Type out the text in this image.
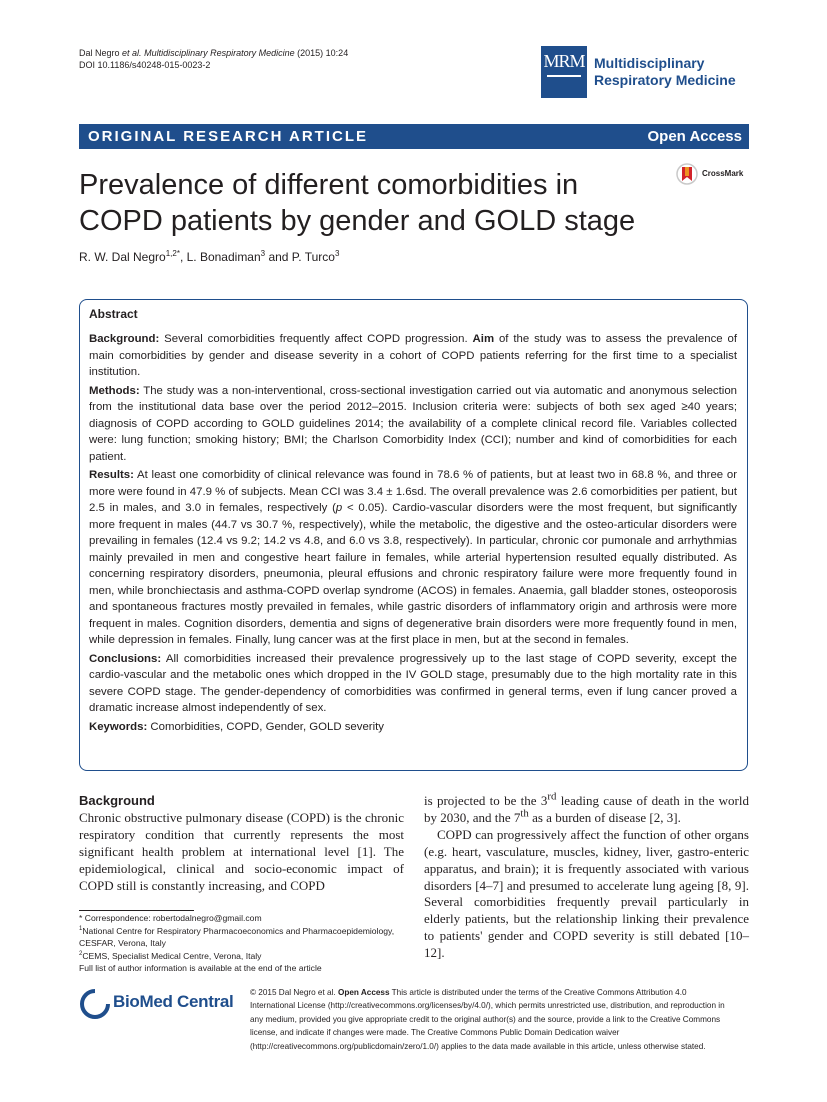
Dal Negro et al. Multidisciplinary Respiratory Medicine (2015) 10:24
DOI 10.1186/s40248-015-0023-2	MRM Multidisciplinary
Respiratory Medicine
ORIGINAL RESEARCH ARTICLE	Open Access
CrossMark
Prevalence of different comorbidities in
COPD patients by gender and GOLD stage
R. W. Dal Negro$^{1,2*}$, L. Bonadiman$^3$ and P. Turco$^3$
Abstract

Background: Several comorbidities frequently affect COPD progression. Aim of the study was to assess the prevalence of main comorbidities by gender and disease severity in a cohort of COPD patients referring for the first time to a specialist institution.

Methods: The study was a non-interventional, cross-sectional investigation carried out via automatic and anonymous selection from the institutional data base over the period 2012–2015. Inclusion criteria were: subjects of both sex aged ≥40 years; diagnosis of COPD according to GOLD guidelines 2014; the availability of a complete clinical record file. Variables collected were: lung function; smoking history; BMI; the Charlson Comorbidity Index (CCI); number and kind of comorbidities for each patient.

Results: At least one comorbidity of clinical relevance was found in 78.6 % of patients, but at least two in 68.8 %, and three or more were found in 47.9 % of subjects. Mean CCI was 3.4 ± 1.6sd. The overall prevalence was 2.6 comorbidities per patient, but 2.5 in males, and 3.0 in females, respectively (p < 0.05). Cardio-vascular disorders were the most frequent, but significantly more frequent in males (44.7 vs 30.7 %, respectively), while the metabolic, the digestive and the osteo-articular disorders were prevailing in females (12.4 vs 9.2; 14.2 vs 4.8, and 6.0 vs 3.8, respectively). In particular, chronic cor pumonale and arrhythmias mainly prevailed in men and congestive heart failure in females, while arterial hypertension resulted equally distributed. As concerning respiratory disorders, pneumonia, pleural effusions and chronic respiratory failure were more frequently found in men, while bronchiectasis and asthma-COPD overlap syndrome (ACOS) in females. Anaemia, gall bladder stones, osteoporosis and spontaneous fractures mostly prevailed in females, while gastric disorders of inflammatory origin and arthrosis were more frequent in males. Cognition disorders, dementia and signs of degenerative brain disorders were more frequently found in men, while depression in females. Finally, lung cancer was at the first place in men, but at the second in females.

Conclusions: All comorbidities increased their prevalence progressively up to the last stage of COPD severity, except the cardio-vascular and the metabolic ones which dropped in the IV GOLD stage, presumably due to the high mortality rate in this severe COPD stage. The gender-dependency of comorbidities was confirmed in general terms, even if lung cancer proved a dramatic increase almost independently of sex.

Keywords: Comorbidities, COPD, Gender, GOLD severity

Background

Chronic obstructive pulmonary disease (COPD) is the chronic respiratory condition that currently represents the most significant health problem at international level [1]. The epidemiological, clinical and socio-economic impact of COPD still is constantly increasing, and COPD

is projected to be the 3rd leading cause of death in the world by 2030, and the 7th as a burden of disease [2, 3].

COPD can progressively affect the function of other organs (e.g. heart, vasculature, muscles, kidney, liver, gastro-enteric apparatus, and brain); it is frequently associated with various disorders [4–7] and presumed to accelerate lung ageing [8, 9]. Several comorbidities frequently prevail particularly in elderly patients, but the relationship linking their prevalence to patients' gender and COPD severity is still debated [10–12].

* Correspondence: robertodalnegro@gmail.com

$^1$National Centre for Respiratory Pharmacoeconomics and Pharmacoepidemiology, CESFAR, Verona, Italy

$^2$CEMS, Specialist Medical Centre, Verona, Italy

Full list of author information is available at the end of the article

BioMed Central © 2015 Dal Negro et al. Open Access This article is distributed under the terms of the Creative Commons Attribution 4.0 International License (http://creativecommons.org/licenses/by/4.0/), which permits unrestricted use, distribution, and reproduction in any medium, provided you give appropriate credit to the original author(s) and the source, provide a link to the Creative Commons license, and indicate if changes were made. The Creative Commons Public Domain Dedication waiver (http://creativecommons.org/publicdomain/zero/1.0/) applies to the data made available in this article, unless otherwise stated.
